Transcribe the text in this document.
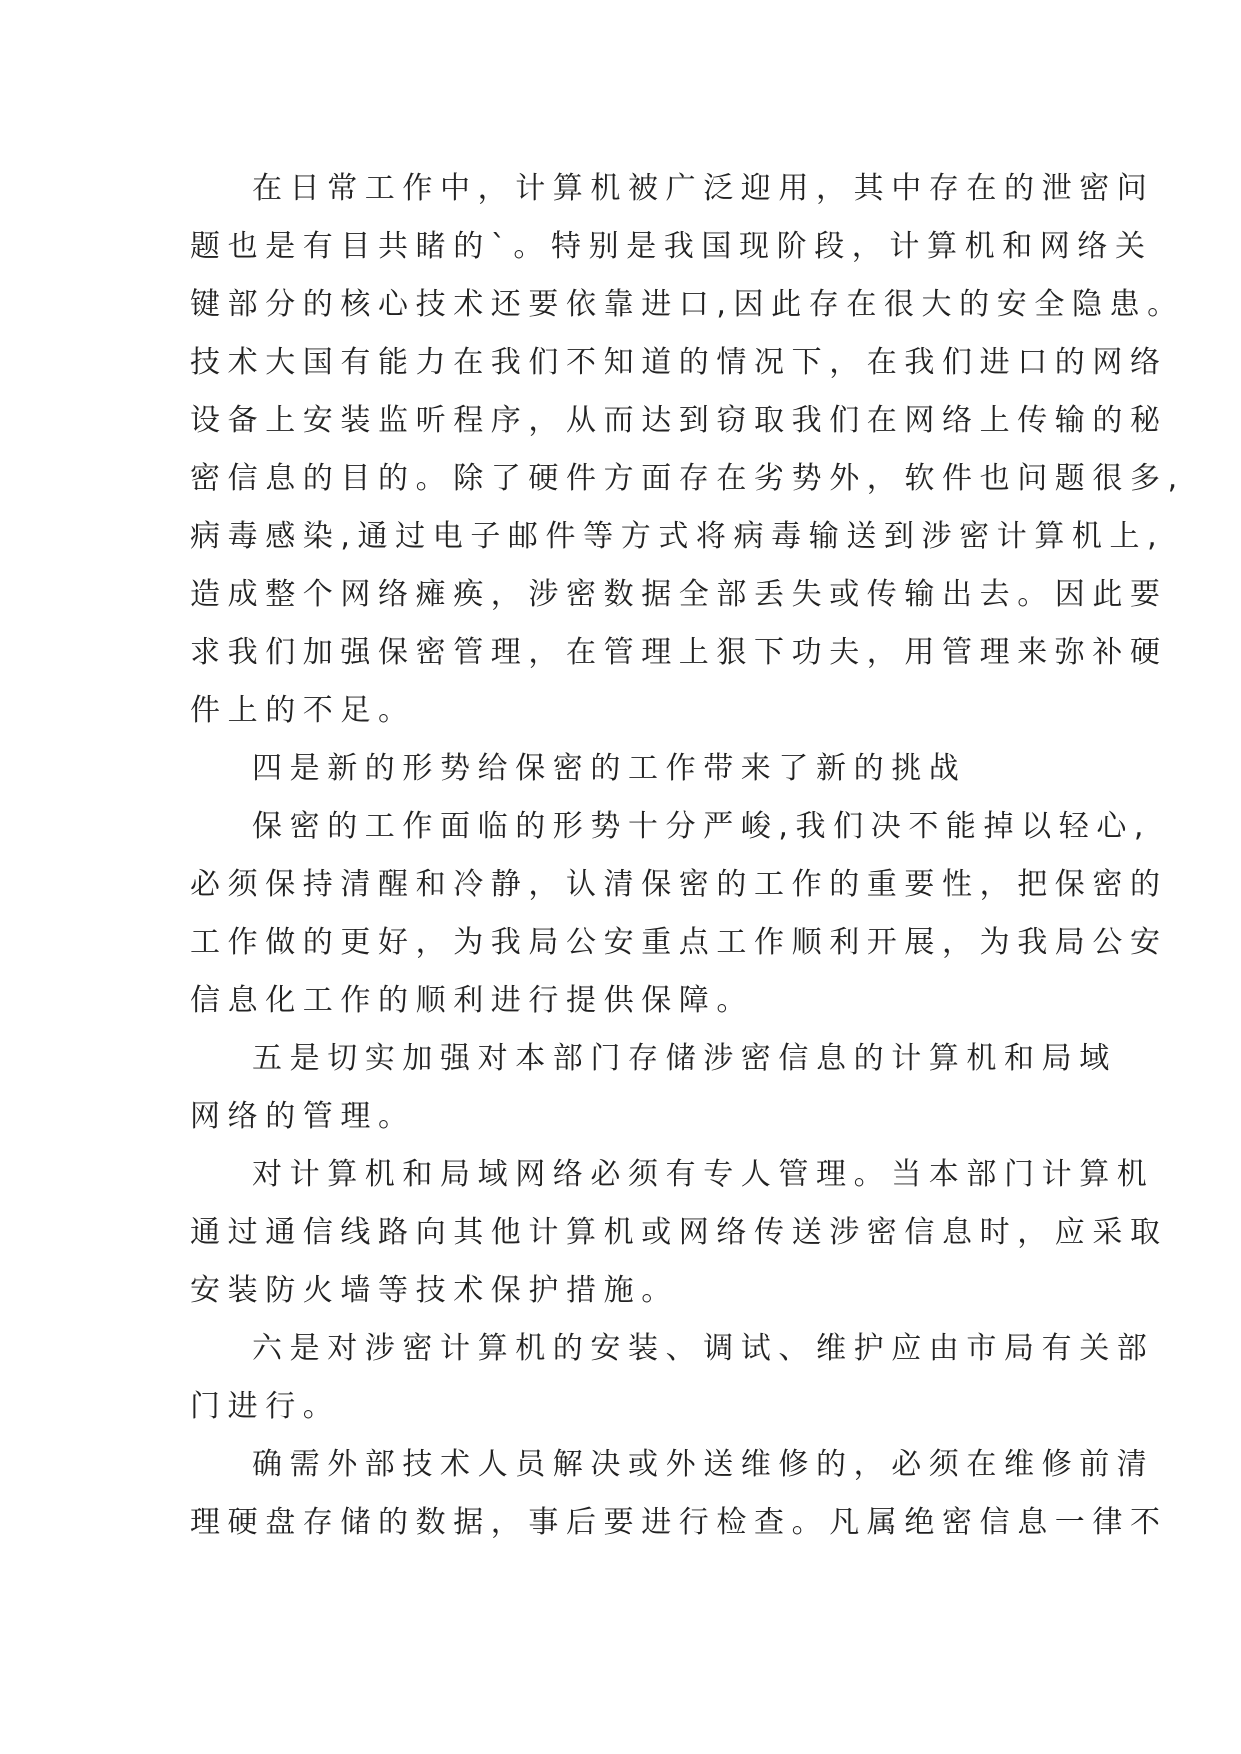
在日常工作中，计算机被广泛迎用，其中存在的泄密问
题也是有目共睹的`。特别是我国现阶段，计算机和网络关
键部分的核心技术还要依靠进口,因此存在很大的安全隐患。
技术大国有能力在我们不知道的情况下，在我们进口的网络
设备上安装监听程序，从而达到窃取我们在网络上传输的秘
密信息的目的。除了硬件方面存在劣势外，软件也问题很多,
病毒感染,通过电子邮件等方式将病毒输送到涉密计算机上,
造成整个网络瘫痪，涉密数据全部丢失或传输出去。因此要
求我们加强保密管理，在管理上狠下功夫，用管理来弥补硬
件上的不足。
四是新的形势给保密的工作带来了新的挑战
保密的工作面临的形势十分严峻,我们决不能掉以轻心,
必须保持清醒和冷静，认清保密的工作的重要性，把保密的
工作做的更好，为我局公安重点工作顺利开展，为我局公安
信息化工作的顺利进行提供保障。
五是切实加强对本部门存储涉密信息的计算机和局域
网络的管理。
对计算机和局域网络必须有专人管理。当本部门计算机
通过通信线路向其他计算机或网络传送涉密信息时，应采取
安装防火墙等技术保护措施。
六是对涉密计算机的安装、调试、维护应由市局有关部
门进行。
确需外部技术人员解决或外送维修的，必须在维修前清
理硬盘存储的数据，事后要进行检查。凡属绝密信息一律不
